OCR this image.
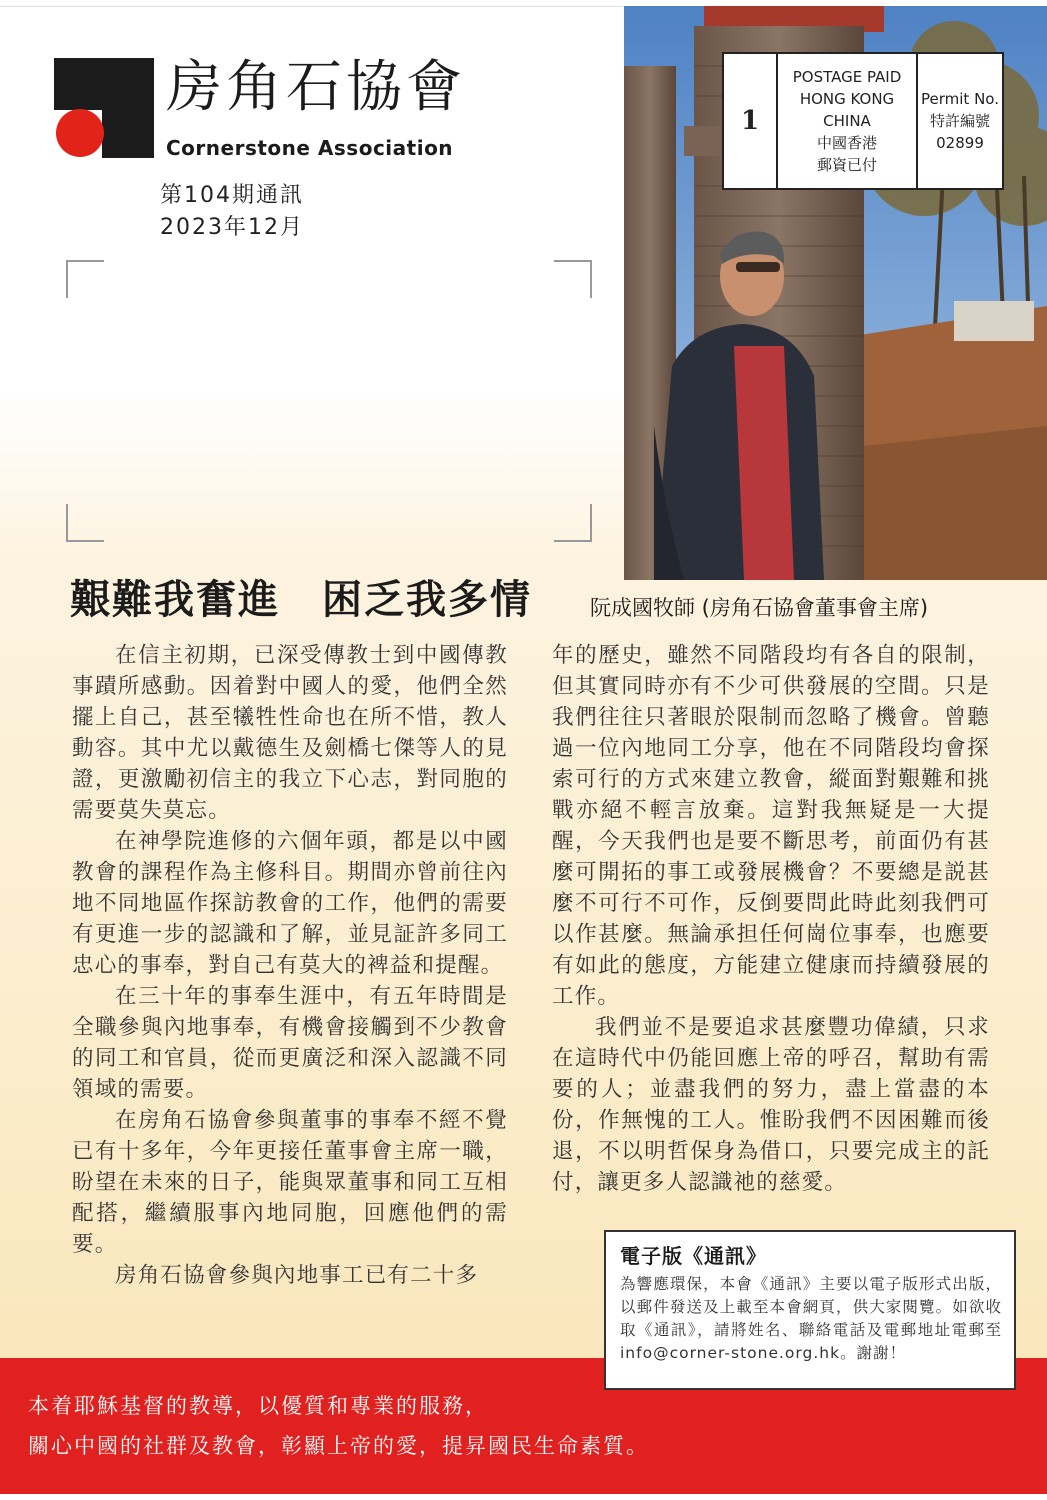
房角石協會
Cornerstone Association
第104期通訊
2023年12月
1
POSTAGE PAID
HONG KONG
CHINA
中國香港
郵資已付
Permit No.
特許編號
02899
艱難我奮進　困乏我多情	阮成國牧師 (房角石協會董事會主席)

在信主初期，已深受傳教士到中國傳教事蹟所感動。因着對中國人的愛，他們全然擺上自己，甚至犧牲性命也在所不惜，教人動容。其中尤以戴德生及劍橋七傑等人的見證，更激勵初信主的我立下心志，對同胞的需要莫失莫忘。

在神學院進修的六個年頭，都是以中國教會的課程作為主修科目。期間亦曾前往內地不同地區作探訪教會的工作，他們的需要有更進一步的認識和了解，並見証許多同工忠心的事奉，對自己有莫大的裨益和提醒。

在三十年的事奉生涯中，有五年時間是全職參與內地事奉，有機會接觸到不少教會的同工和官員，從而更廣泛和深入認識不同領域的需要。

在房角石協會參與董事的事奉不經不覺已有十多年，今年更接任董事會主席一職，盼望在未來的日子，能與眾董事和同工互相配搭，繼續服事內地同胞，回應他們的需要。

房角石協會參與內地事工已有二十多

年的歷史，雖然不同階段均有各自的限制，但其實同時亦有不少可供發展的空間。只是我們往往只著眼於限制而忽略了機會。曾聽過一位內地同工分享，他在不同階段均會探索可行的方式來建立教會，縱面對艱難和挑戰亦絕不輕言放棄。這對我無疑是一大提醒，今天我們也是要不斷思考，前面仍有甚麼可開拓的事工或發展機會？不要總是説甚麼不可行不可作，反倒要問此時此刻我們可以作甚麼。無論承担任何崗位事奉，也應要有如此的態度，方能建立健康而持續發展的工作。

我們並不是要追求甚麼豐功偉績，只求在這時代中仍能回應上帝的呼召，幫助有需要的人；並盡我們的努力，盡上當盡的本份，作無愧的工人。惟盼我們不因困難而後退，不以明哲保身為借口，只要完成主的託付，讓更多人認識祂的慈愛。

電子版《通訊》
為響應環保，本會《通訊》主要以電子版形式出版，以郵件發送及上載至本會網頁，供大家閱覽。如欲收取《通訊》，請將姓名、聯絡電話及電郵地址電郵至info@corner-stone.org.hk。謝謝！
本着耶穌基督的教導，以優質和專業的服務，
關心中國的社群及教會，彰顯上帝的愛，提昇國民生命素質。
